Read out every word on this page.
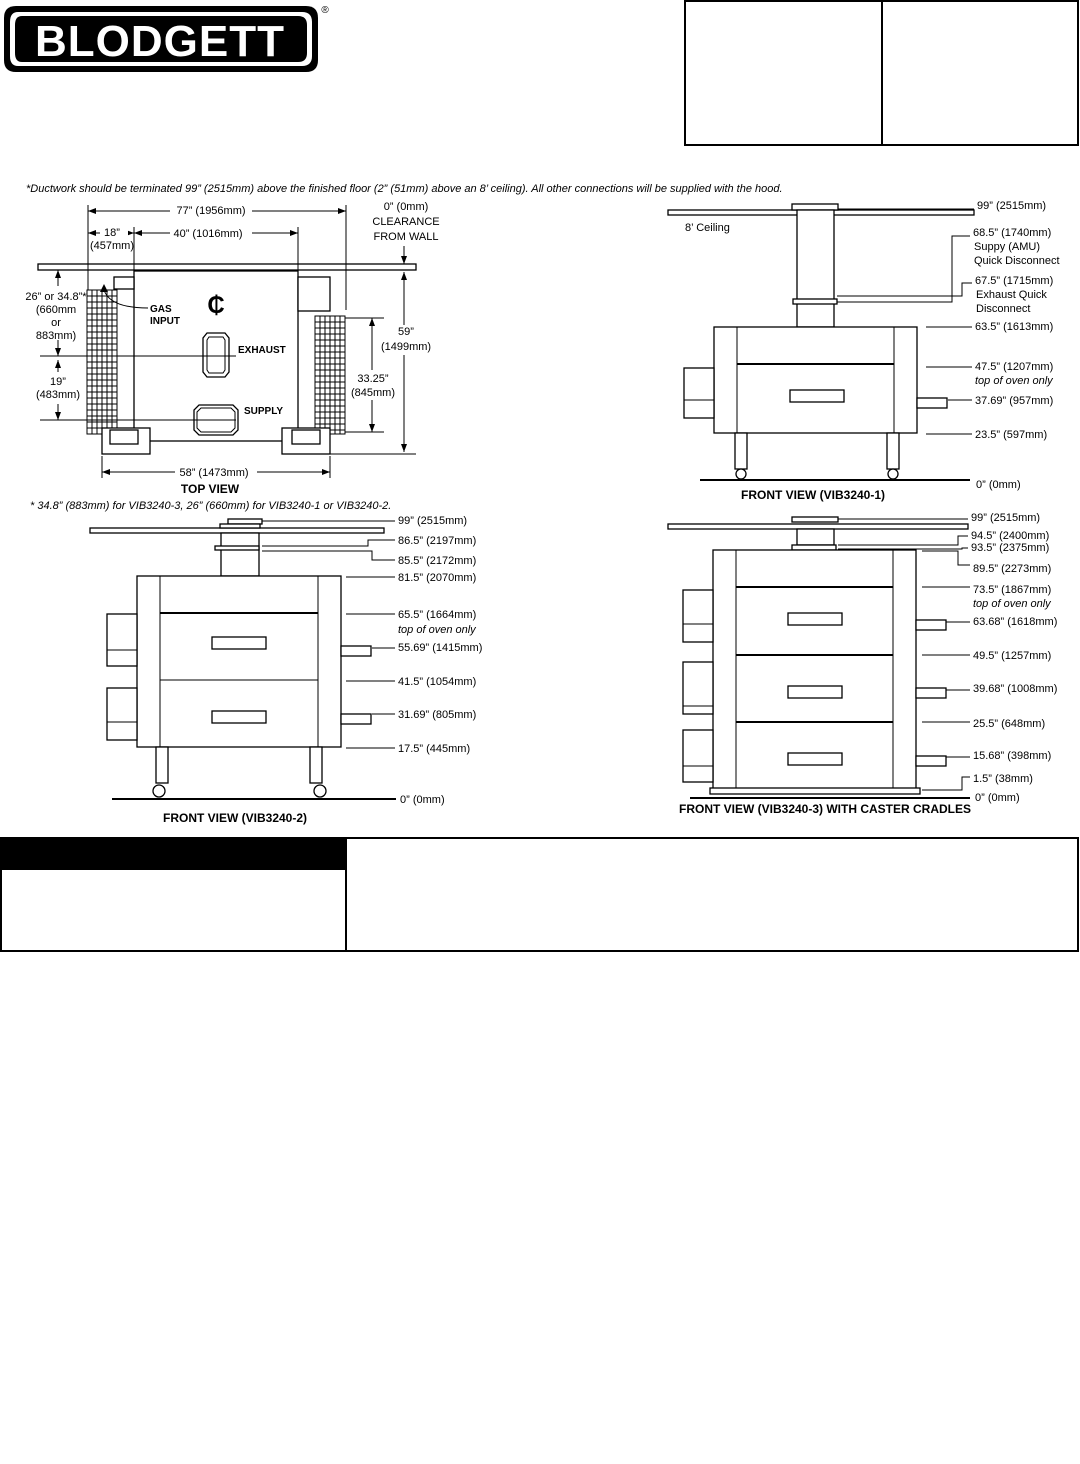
BLODGETT
®
*Ductwork should be terminated 99” (2515mm) above the finished floor (2” (51mm) above an 8’ ceiling). All other connections will be supplied with the hood.
₵
GAS
INPUT
EXHAUST
SUPPLY
77” (1956mm)	0” (0mm)
CLEARANCE
FROM WALL
18”
(457mm)
40” (1016mm)
26” or 34.8”*
(660mm
or
883mm)
19”
(483mm)
59”
(1499mm)
33.25”
(845mm)
58” (1473mm)
TOP VIEW
* 34.8” (883mm) for VIB3240-3, 26” (660mm) for VIB3240-1 or VIB3240-2.
8’ Ceiling
99” (2515mm)
68.5” (1740mm)
Suppy (AMU)
Quick Disconnect
67.5” (1715mm)
Exhaust Quick
Disconnect
63.5” (1613mm)
47.5” (1207mm)
top of oven only
37.69” (957mm)
23.5” (597mm)
0” (0mm)
FRONT VIEW (VIB3240-1)
99” (2515mm)
86.5” (2197mm)
85.5” (2172mm)
81.5” (2070mm)
65.5” (1664mm)
top of oven only
55.69” (1415mm)
41.5” (1054mm)
31.69” (805mm)
17.5” (445mm)
0” (0mm)
FRONT VIEW (VIB3240-2)
99” (2515mm)
94.5” (2400mm)
93.5” (2375mm)
89.5” (2273mm)
73.5” (1867mm)
top of oven only
63.68” (1618mm)
49.5” (1257mm)
39.68” (1008mm)
25.5” (648mm)
15.68” (398mm)
1.5” (38mm)
0” (0mm)
FRONT VIEW (VIB3240-3) WITH CASTER CRADLES
